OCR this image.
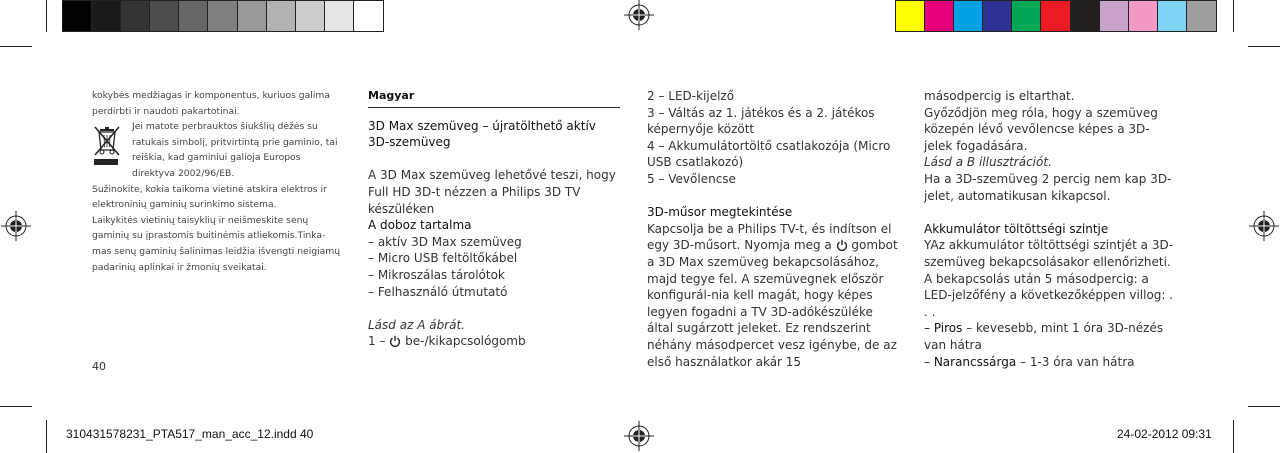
kokybės medžiagas ir komponentus, kuriuos galima perdirbti ir naudoti pakartotinai.

Jei matote perbrauktos šiukšlių dėžės su ratukais simbolį, pritvirtintą prie gaminio, tai reiškia, kad gaminiui galioja Europos direktyva 2002/96/EB.

Sužinokite, kokia taikoma vietinė atskira elektros ir elektroninių gaminių surinkimo sistema.

Laikykitės vietinių taisyklių ir neišmeskite senų gaminių su įprastomis buitinėmis atliekomis.Tinka-mas senų gaminių šalinimas leidžia išvengti neigiamų padarinių aplinkai ir žmonių sveikatai.

40

Magyar

3D Max szemüveg – újratölthető aktív 3D-szemüveg

A 3D Max szemüveg lehetővé teszi, hogy Full HD 3D-t nézzen a Philips 3D TV készüléken

A doboz tartalma

– aktív 3D Max szemüveg

– Micro USB feltöltőkábel

– Mikroszálas tárolótok

– Felhasználó útmutató

Lásd az A ábrát.

1 – be-/kikapcsológomb

2 – LED-kijelző

3 – Váltás az 1. játékos és a 2. játékos képernyője között

4 – Akkumulátortöltő csatlakozója (Micro USB csatlakozó)

5 – Vevőlencse

3D-műsor megtekintése

Kapcsolja be a Philips TV-t, és indítson el egy 3D-műsort. Nyomja meg a gombot a 3D Max szemüveg bekapcsolásához, majd tegye fel. A szemüvegnek először konfigurál-nia kell magát, hogy képes legyen fogadni a TV 3D-adókészüléke által sugárzott jeleket. Ez rendszerint néhány másodpercet vesz igénybe, de az első használatkor akár 15

másodpercig is eltarthat.

Győződjön meg róla, hogy a szemüveg közepén lévő vevőlencse képes a 3D-jelek fogadására.

Lásd a B illusztrációt.

Ha a 3D-szemüveg 2 percig nem kap 3D-jelet, automatikusan kikapcsol.

Akkumulátor töltöttségi szintje

YAz akkumulátor töltöttségi szintjét a 3D-szemüveg bekapcsolásakor ellenőrizheti.

A bekapcsolás után 5 másodpercig: a LED-jelzőfény a következőképpen villog: . . .

– Piros – kevesebb, mint 1 óra 3D-nézés van hátra

– Narancssárga – 1-3 óra van hátra

310431578231_PTA517_man_acc_12.indd 40	24-02-2012 09:31
